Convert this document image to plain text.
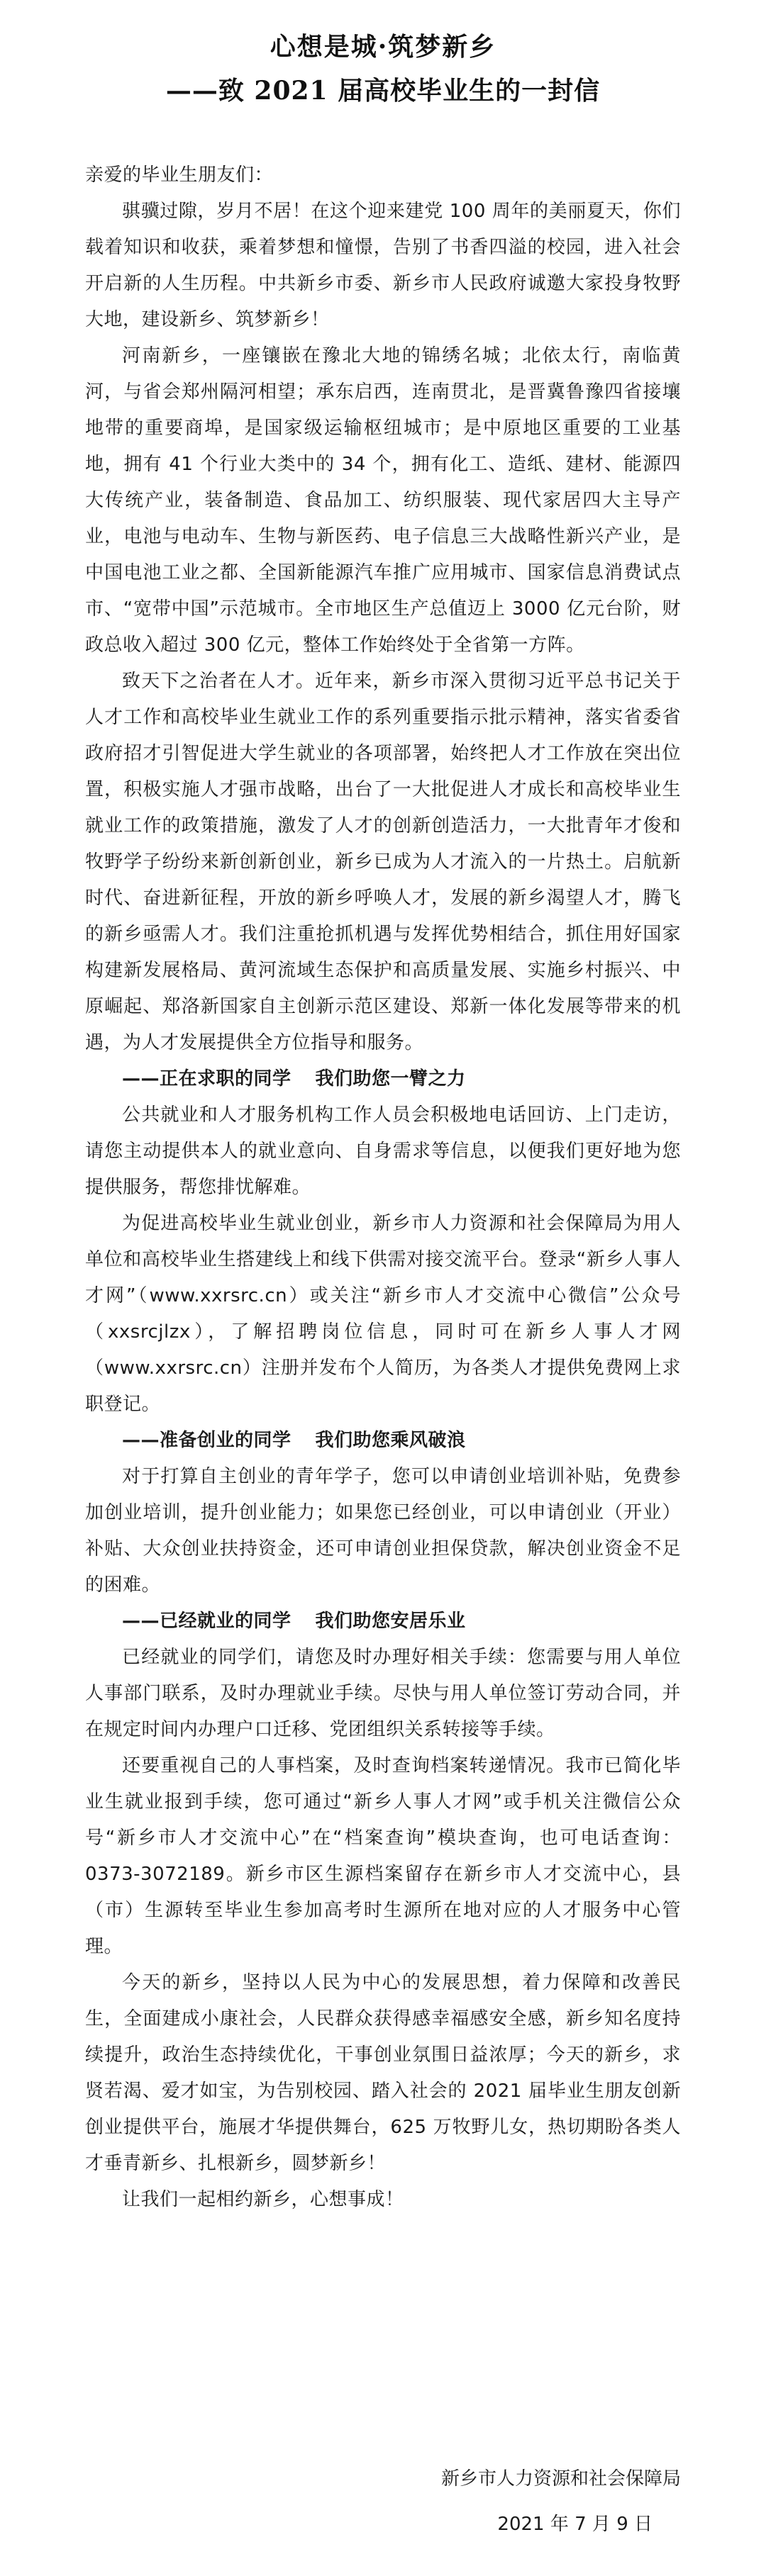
心想是城·筑梦新乡
——致 2021 届高校毕业生的一封信

亲爱的毕业生朋友们：

骐骥过隙，岁月不居！在这个迎来建党 100 周年的美丽夏天，你们载着知识和收获，乘着梦想和憧憬，告别了书香四溢的校园，进入社会开启新的人生历程。中共新乡市委、新乡市人民政府诚邀大家投身牧野大地，建设新乡、筑梦新乡！

河南新乡，一座镶嵌在豫北大地的锦绣名城；北依太行，南临黄河，与省会郑州隔河相望；承东启西，连南贯北，是晋冀鲁豫四省接壤地带的重要商埠，是国家级运输枢纽城市；是中原地区重要的工业基地，拥有 41 个行业大类中的 34 个，拥有化工、造纸、建材、能源四大传统产业，装备制造、食品加工、纺织服装、现代家居四大主导产业，电池与电动车、生物与新医药、电子信息三大战略性新兴产业，是中国电池工业之都、全国新能源汽车推广应用城市、国家信息消费试点市、“宽带中国”示范城市。全市地区生产总值迈上 3000 亿元台阶，财政总收入超过 300 亿元，整体工作始终处于全省第一方阵。

致天下之治者在人才。近年来，新乡市深入贯彻习近平总书记关于人才工作和高校毕业生就业工作的系列重要指示批示精神，落实省委省政府招才引智促进大学生就业的各项部署，始终把人才工作放在突出位置，积极实施人才强市战略，出台了一大批促进人才成长和高校毕业生就业工作的政策措施，激发了人才的创新创造活力，一大批青年才俊和牧野学子纷纷来新创新创业，新乡已成为人才流入的一片热土。启航新时代、奋进新征程，开放的新乡呼唤人才，发展的新乡渴望人才，腾飞的新乡亟需人才。我们注重抢抓机遇与发挥优势相结合，抓住用好国家构建新发展格局、黄河流域生态保护和高质量发展、实施乡村振兴、中原崛起、郑洛新国家自主创新示范区建设、郑新一体化发展等带来的机遇，为人才发展提供全方位指导和服务。

——正在求职的同学 我们助您一臂之力

公共就业和人才服务机构工作人员会积极地电话回访、上门走访，请您主动提供本人的就业意向、自身需求等信息，以便我们更好地为您提供服务，帮您排忧解难。

为促进高校毕业生就业创业，新乡市人力资源和社会保障局为用人单位和高校毕业生搭建线上和线下供需对接交流平台。登录“新乡人事人才网”（www.xxrsrc.cn）或关注“新乡市人才交流中心微信”公众号（xxsrcjlzx），了解招聘岗位信息，同时可在新乡人事人才网（www.xxrsrc.cn）注册并发布个人简历，为各类人才提供免费网上求职登记。

——准备创业的同学 我们助您乘风破浪

对于打算自主创业的青年学子，您可以申请创业培训补贴，免费参加创业培训，提升创业能力；如果您已经创业，可以申请创业（开业）补贴、大众创业扶持资金，还可申请创业担保贷款，解决创业资金不足的困难。

——已经就业的同学 我们助您安居乐业

已经就业的同学们，请您及时办理好相关手续：您需要与用人单位人事部门联系，及时办理就业手续。尽快与用人单位签订劳动合同，并在规定时间内办理户口迁移、党团组织关系转接等手续。

还要重视自己的人事档案，及时查询档案转递情况。我市已简化毕业生就业报到手续，您可通过“新乡人事人才网”或手机关注微信公众号“新乡市人才交流中心”在“档案查询”模块查询，也可电话查询：0373-3072189。新乡市区生源档案留存在新乡市人才交流中心，县（市）生源转至毕业生参加高考时生源所在地对应的人才服务中心管理。

今天的新乡，坚持以人民为中心的发展思想，着力保障和改善民生，全面建成小康社会，人民群众获得感幸福感安全感，新乡知名度持续提升，政治生态持续优化，干事创业氛围日益浓厚；今天的新乡，求贤若渴、爱才如宝，为告别校园、踏入社会的 2021 届毕业生朋友创新创业提供平台，施展才华提供舞台，625 万牧野儿女，热切期盼各类人才垂青新乡、扎根新乡，圆梦新乡！

让我们一起相约新乡，心想事成！

新乡市人力资源和社会保障局
2021 年 7 月 9 日
